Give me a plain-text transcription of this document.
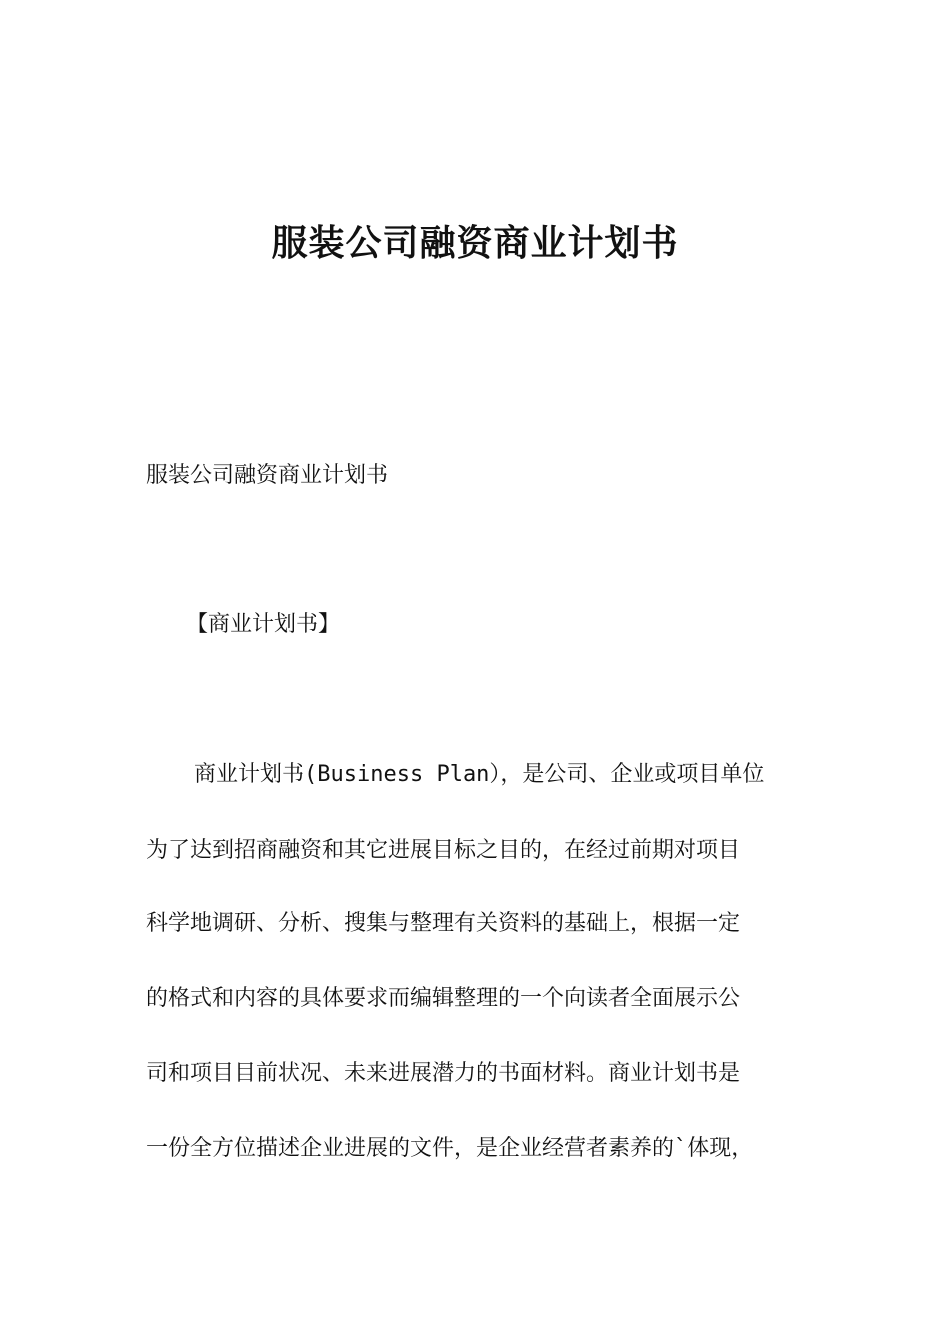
服装公司融资商业计划书

服装公司融资商业计划书

【商业计划书】

商业计划书(Business Plan），是公司、企业或项目单位

为了达到招商融资和其它进展目标之目的，在经过前期对项目

科学地调研、分析、搜集与整理有关资料的基础上，根据一定

的格式和内容的具体要求而编辑整理的一个向读者全面展示公

司和项目目前状况、未来进展潜力的书面材料。商业计划书是

一份全方位描述企业进展的文件，是企业经营者素养的`体现，
